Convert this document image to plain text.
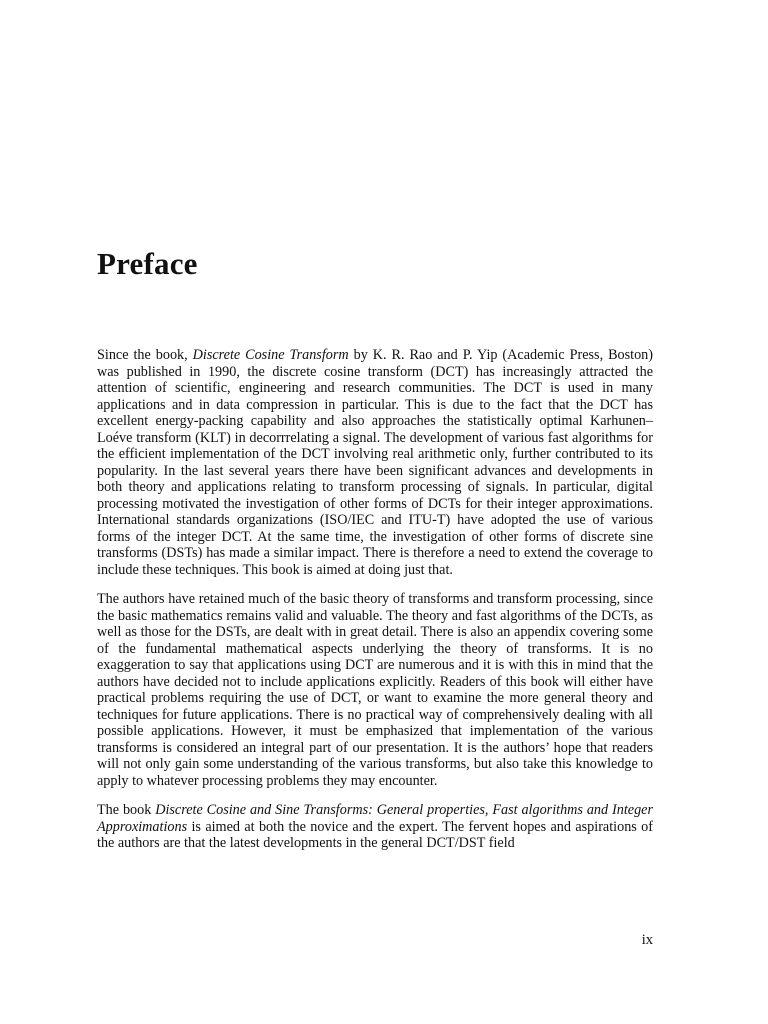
Preface

Since the book, Discrete Cosine Transform by K. R. Rao and P. Yip (Academic Press, Boston) was published in 1990, the discrete cosine transform (DCT) has increasingly attracted the attention of scientific, engineering and research communities. The DCT is used in many applications and in data compression in particular. This is due to the fact that the DCT has excellent energy-packing capability and also approaches the statistically optimal Karhunen–Loéve transform (KLT) in decorrrelating a signal. The development of various fast algorithms for the efficient implementation of the DCT involving real arithmetic only, further contributed to its popularity. In the last several years there have been significant advances and developments in both theory and applications relating to transform processing of signals. In particular, digital processing motivated the investigation of other forms of DCTs for their integer approximations. International standards organizations (ISO/IEC and ITU-T) have adopted the use of various forms of the integer DCT. At the same time, the investigation of other forms of discrete sine transforms (DSTs) has made a similar impact. There is therefore a need to extend the coverage to include these techniques. This book is aimed at doing just that.

The authors have retained much of the basic theory of transforms and transform processing, since the basic mathematics remains valid and valuable. The theory and fast algorithms of the DCTs, as well as those for the DSTs, are dealt with in great detail. There is also an appendix covering some of the fundamental mathematical aspects underlying the theory of transforms. It is no exaggeration to say that applications using DCT are numerous and it is with this in mind that the authors have decided not to include applications explicitly. Readers of this book will either have practical problems requiring the use of DCT, or want to examine the more general theory and techniques for future applications. There is no practical way of comprehensively dealing with all possible applications. However, it must be emphasized that implementation of the various transforms is considered an integral part of our presentation. It is the authors’ hope that readers will not only gain some understanding of the various transforms, but also take this knowledge to apply to whatever processing problems they may encounter.

The book Discrete Cosine and Sine Transforms: General properties, Fast algorithms and Integer Approximations is aimed at both the novice and the expert. The fervent hopes and aspirations of the authors are that the latest developments in the general DCT/DST field

ix
